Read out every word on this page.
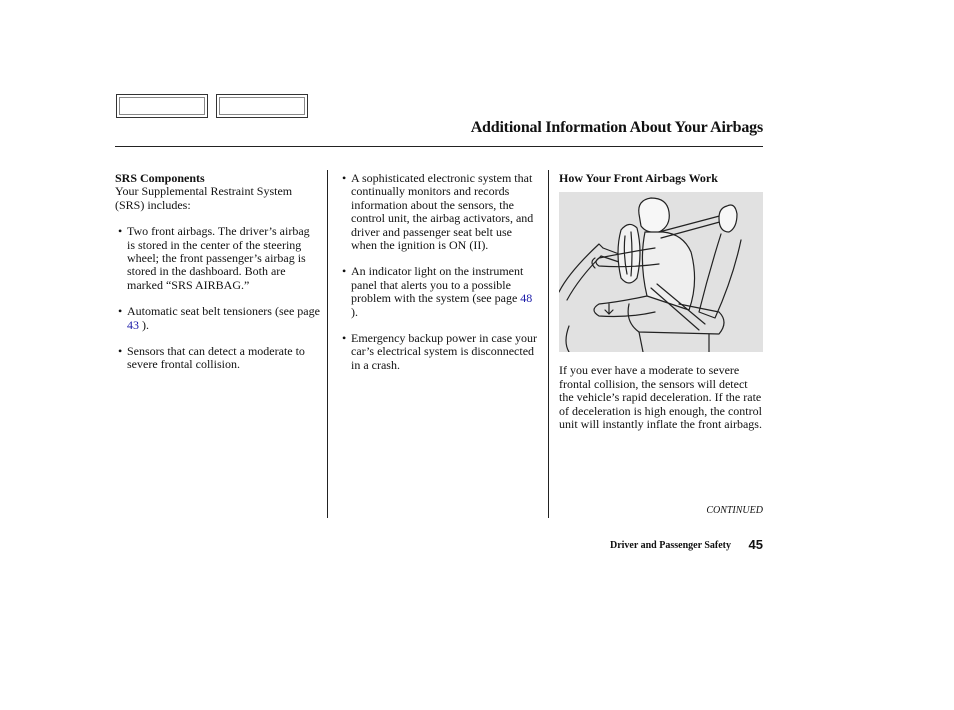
Additional Information About Your Airbags
SRS Components

Your Supplemental Restraint System (SRS) includes:

• Two front airbags. The driver’s airbag is stored in the center of the steering wheel; the front passenger’s airbag is stored in the dashboard. Both are marked “SRS AIRBAG.”
• Automatic seat belt tensioners (see page 43 ).
• Sensors that can detect a moderate to severe frontal collision.
• A sophisticated electronic system that continually monitors and records information about the sensors, the control unit, the airbag activators, and driver and passenger seat belt use when the ignition is ON (II).
• An indicator light on the instrument panel that alerts you to a possible problem with the system (see page 48 ).
• Emergency backup power in case your car’s electrical system is disconnected in a crash.
How Your Front Airbags Work

If you ever have a moderate to severe frontal collision, the sensors will detect the vehicle’s rapid deceleration. If the rate of deceleration is high enough, the control unit will instantly inflate the front airbags.

CONTINUED
Driver and Passenger Safety	45
